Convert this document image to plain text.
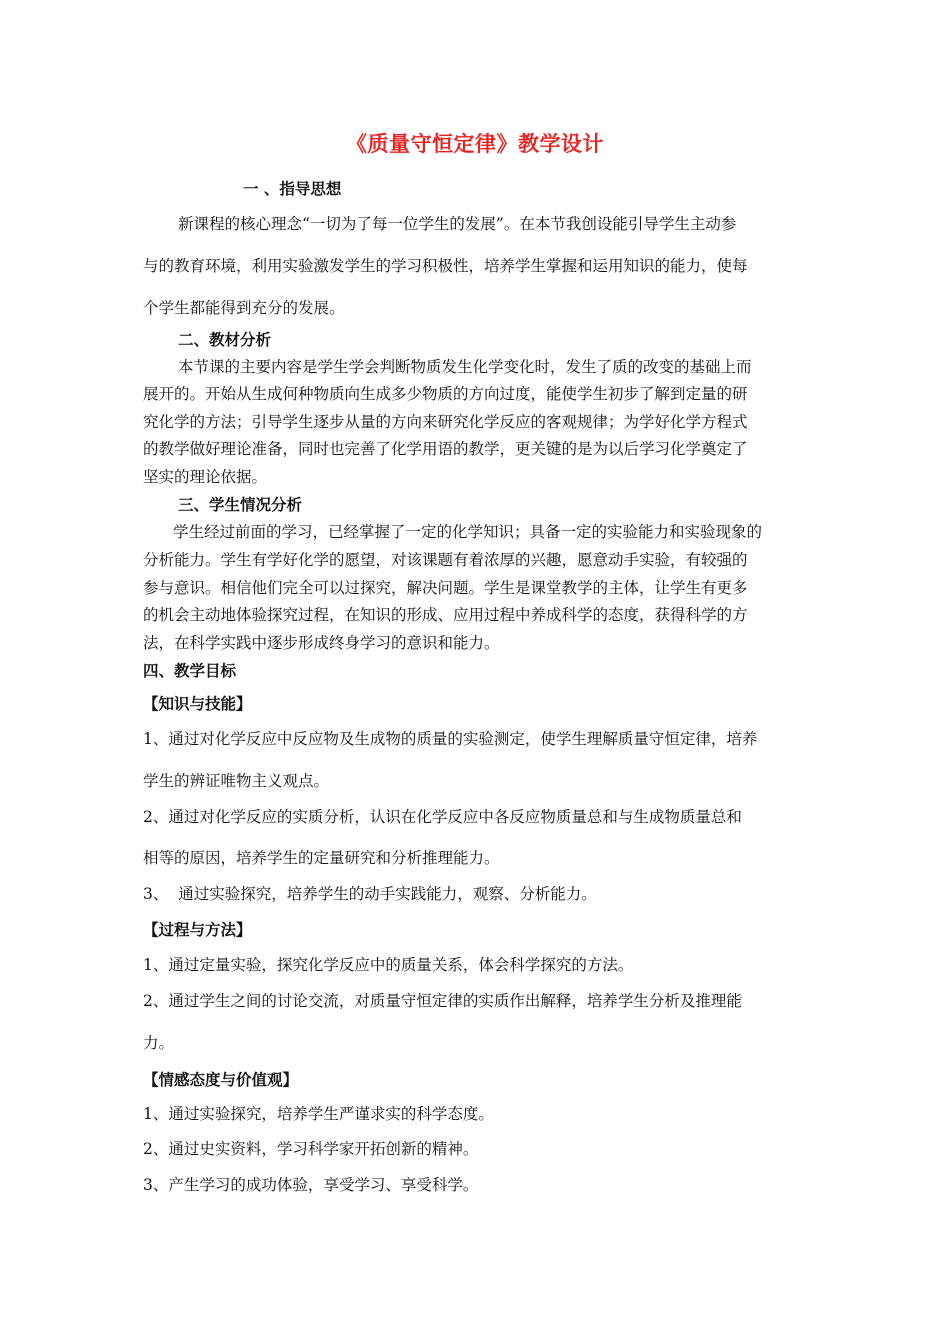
《质量守恒定律》教学设计
一 、指导思想
新课程的核心理念“一切为了每一位学生的发展”。在本节我创设能引导学生主动参
与的教育环境，利用实验激发学生的学习积极性，培养学生掌握和运用知识的能力，使每
个学生都能得到充分的发展。
二、教材分析
本节课的主要内容是学生学会判断物质发生化学变化时，发生了质的改变的基础上而
展开的。开始从生成何种物质向生成多少物质的方向过度，能使学生初步了解到定量的研
究化学的方法；引导学生逐步从量的方向来研究化学反应的客观规律；为学好化学方程式
的教学做好理论准备，同时也完善了化学用语的教学，更关键的是为以后学习化学奠定了
坚实的理论依据。
三、学生情况分析
学生经过前面的学习，已经掌握了一定的化学知识；具备一定的实验能力和实验现象的
分析能力。学生有学好化学的愿望，对该课题有着浓厚的兴趣，愿意动手实验，有较强的
参与意识。相信他们完全可以过探究，解决问题。学生是课堂教学的主体，让学生有更多
的机会主动地体验探究过程，在知识的形成、应用过程中养成科学的态度，获得科学的方
法，在科学实践中逐步形成终身学习的意识和能力。
四、教学目标
【知识与技能】
1、通过对化学反应中反应物及生成物的质量的实验测定，使学生理解质量守恒定律，培养
学生的辨证唯物主义观点。
2、通过对化学反应的实质分析，认识在化学反应中各反应物质量总和与生成物质量总和
相等的原因，培养学生的定量研究和分析推理能力。
3、  通过实验探究，培养学生的动手实践能力，观察、分析能力。
【过程与方法】
1、通过定量实验，探究化学反应中的质量关系，体会科学探究的方法。
2、通过学生之间的讨论交流，对质量守恒定律的实质作出解释，培养学生分析及推理能
力。
【情感态度与价值观】
1、通过实验探究，培养学生严谨求实的科学态度。
2、通过史实资料，学习科学家开拓创新的精神。
3、产生学习的成功体验，享受学习、享受科学。
